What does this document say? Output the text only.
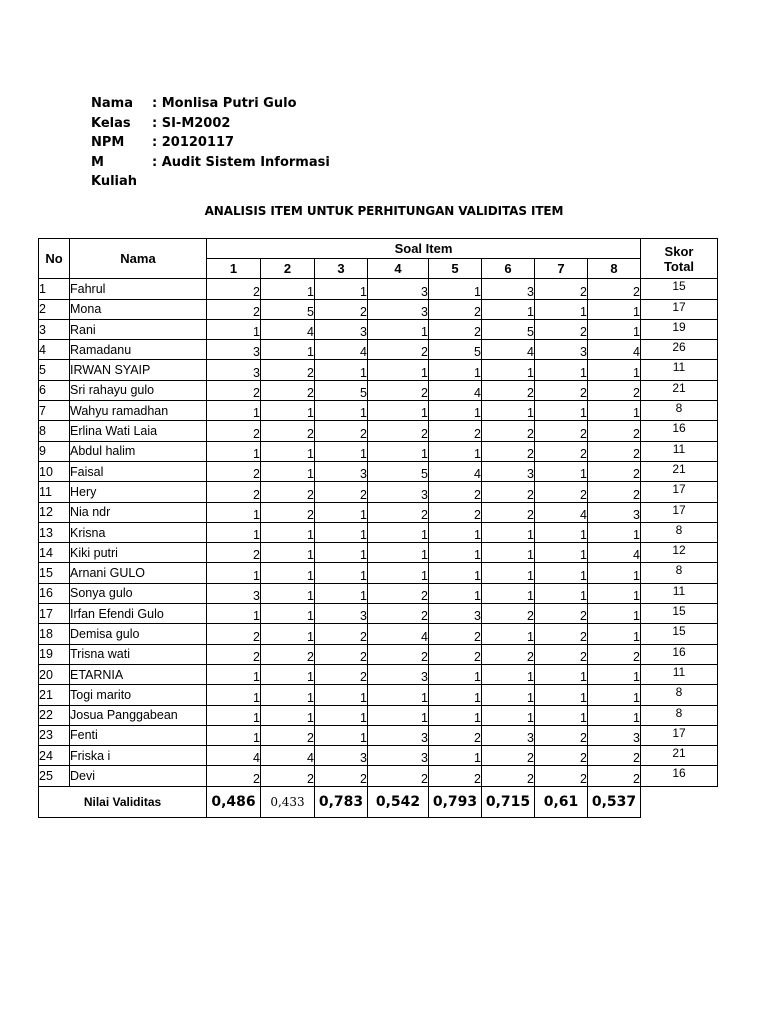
Nama	: Monlisa Putri Gulo
Kelas	: SI-M2002
NPM	: 20120117
M Kuliah
: Audit Sistem Informasi
ANALISIS ITEM UNTUK PERHITUNGAN VALIDITAS ITEM
No	Nama	Soal Item								Skor
Total
		1	2	3	4	5	6	7	8	
1	Fahrul	2	1	1	3	1	3	2	2	15
2	Mona	2	5	2	3	2	1	1	1	17
3	Rani	1	4	3	1	2	5	2	1	19
4	Ramadanu	3	1	4	2	5	4	3	4	26
5	IRWAN SYAIP	3	2	1	1	1	1	1	1	11
6	Sri rahayu gulo	2	2	5	2	4	2	2	2	21
7	Wahyu ramadhan	1	1	1	1	1	1	1	1	8
8	Erlina Wati Laia	2	2	2	2	2	2	2	2	16
9	Abdul halim	1	1	1	1	1	2	2	2	11
10	Faisal	2	1	3	5	4	3	1	2	21
11	Hery	2	2	2	3	2	2	2	2	17
12	Nia ndr	1	2	1	2	2	2	4	3	17
13	Krisna	1	1	1	1	1	1	1	1	8
14	Kiki putri	2	1	1	1	1	1	1	4	12
15	Arnani GULO	1	1	1	1	1	1	1	1	8
16	Sonya gulo	3	1	1	2	1	1	1	1	11
17	Irfan Efendi Gulo	1	1	3	2	3	2	2	1	15
18	Demisa gulo	2	1	2	4	2	1	2	1	15
19	Trisna wati	2	2	2	2	2	2	2	2	16
20	ETARNIA	1	1	2	3	1	1	1	1	11
21	Togi marito	1	1	1	1	1	1	1	1	8
22	Josua Panggabean	1	1	1	1	1	1	1	1	8
23	Fenti	1	2	1	3	2	3	2	3	17
24	Friska i	4	4	3	3	1	2	2	2	21
25	Devi	2	2	2	2	2	2	2	2	16
Nilai Validitas		0,486	0,433	0,783	0,542	0,793	0,715	0,61	0,537	
